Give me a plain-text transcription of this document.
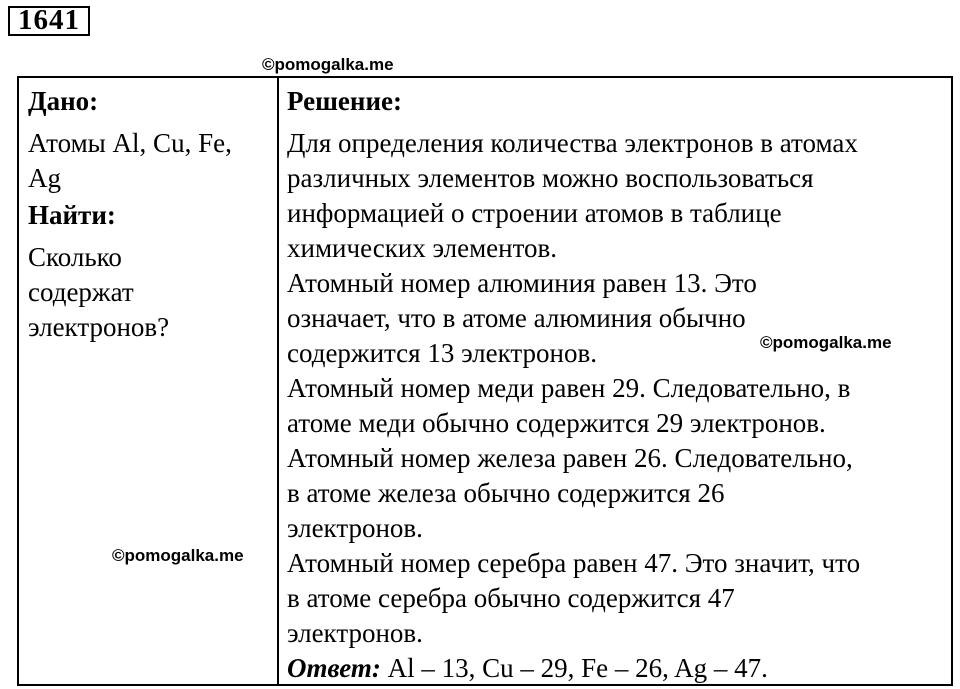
1641
©pomogalka.me
Дано:
Атомы Al, Cu, Fe,
Ag
Найти:
Сколько
содержат
электронов?
Решение:
Для определения количества электронов в атомах
различных элементов можно воспользоваться
информацией о строении атомов в таблице
химических элементов.
Атомный номер алюминия равен 13. Это
означает, что в атоме алюминия обычно
содержится 13 электронов.
Атомный номер меди равен 29. Следовательно, в
атоме меди обычно содержится 29 электронов.
Атомный номер железа равен 26. Следовательно,
в атоме железа обычно содержится 26
электронов.
Атомный номер серебра равен 47. Это значит, что
в атоме серебра обычно содержится 47
электронов.
Ответ: Al – 13, Cu – 29, Fe – 26, Ag – 47.
©pomogalka.me
©pomogalka.me
